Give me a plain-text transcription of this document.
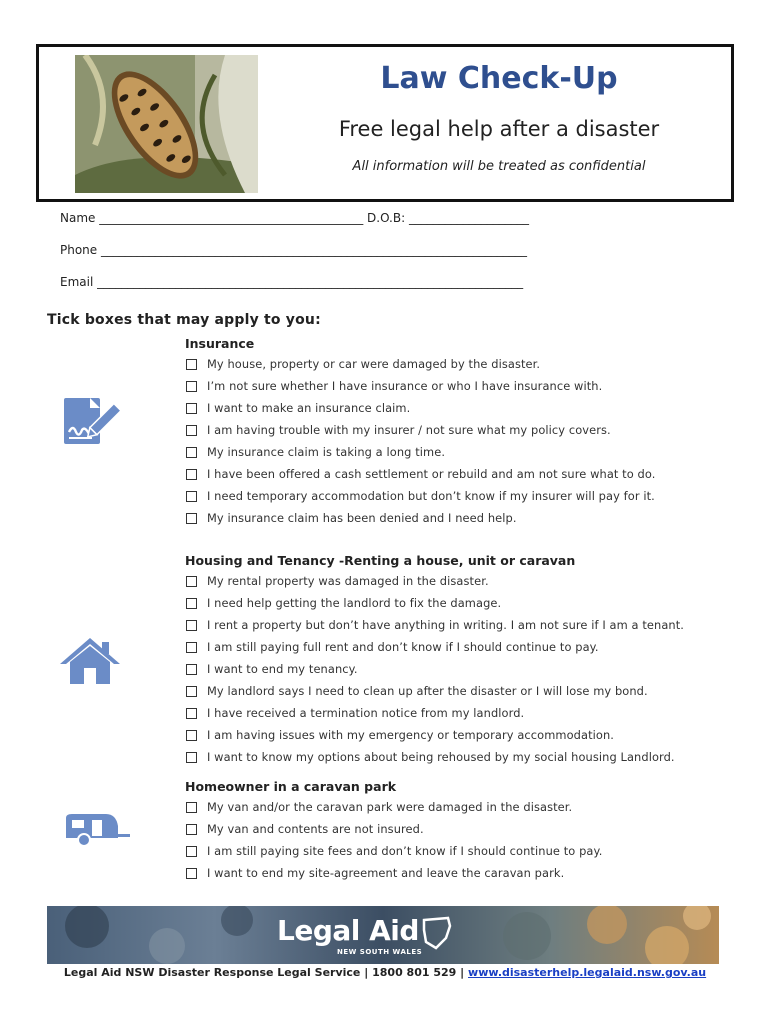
Law Check-Up
Free legal help after a disaster
All information will be treated as confidential
Name ____________________________________________ D.O.B: ____________________
Phone _______________________________________________________________________
Email _______________________________________________________________________
Tick boxes that may apply to you:
Insurance
My house, property or car were damaged by the disaster.
I’m not sure whether I have insurance or who I have insurance with.
I want to make an insurance claim.
I am having trouble with my insurer / not sure what my policy covers.
My insurance claim is taking a long time.
I have been offered a cash settlement or rebuild and am not sure what to do.
I need temporary accommodation but don’t know if my insurer will pay for it.
My insurance claim has been denied and I need help.
Housing and Tenancy -Renting a house, unit or caravan
My rental property was damaged in the disaster.
I need help getting the landlord to fix the damage.
I rent a property but don’t have anything in writing. I am not sure if I am a tenant.
I am still paying full rent and don’t know if I should continue to pay.
I want to end my tenancy.
My landlord says I need to clean up after the disaster or I will lose my bond.
I have received a termination notice from my landlord.
I am having issues with my emergency or temporary accommodation.
I want to know my options about being rehoused by my social housing Landlord.
Homeowner in a caravan park
My van and/or the caravan park were damaged in the disaster.
My van and contents are not insured.
I am still paying site fees and don’t know if I should continue to pay.
I want to end my site-agreement and leave the caravan park.
Legal Aid
NEW SOUTH WALES
Legal Aid NSW Disaster Response Legal Service | 1800 801 529 | www.disasterhelp.legalaid.nsw.gov.au
